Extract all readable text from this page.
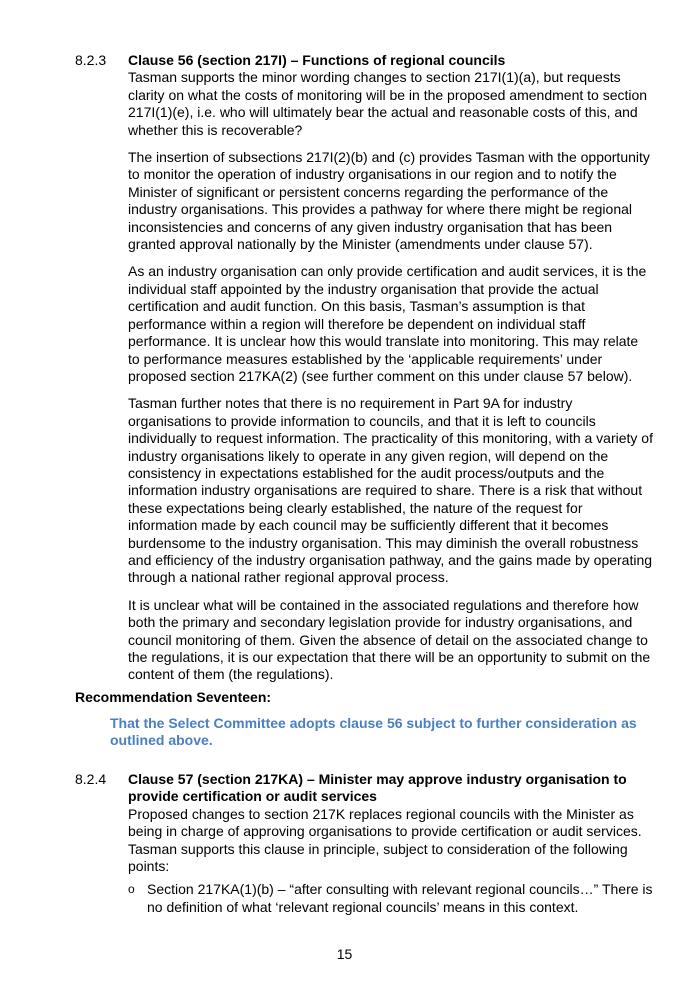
8.2.3	Clause 56 (section 217I) – Functions of regional councils

Tasman supports the minor wording changes to section 217I(1)(a), but requests clarity on what the costs of monitoring will be in the proposed amendment to section 217I(1)(e), i.e. who will ultimately bear the actual and reasonable costs of this, and whether this is recoverable?

The insertion of subsections 217I(2)(b) and (c) provides Tasman with the opportunity to monitor the operation of industry organisations in our region and to notify the Minister of significant or persistent concerns regarding the performance of the industry organisations. This provides a pathway for where there might be regional inconsistencies and concerns of any given industry organisation that has been granted approval nationally by the Minister (amendments under clause 57).

As an industry organisation can only provide certification and audit services, it is the individual staff appointed by the industry organisation that provide the actual certification and audit function. On this basis, Tasman’s assumption is that performance within a region will therefore be dependent on individual staff performance. It is unclear how this would translate into monitoring. This may relate to performance measures established by the ‘applicable requirements’ under proposed section 217KA(2) (see further comment on this under clause 57 below).

Tasman further notes that there is no requirement in Part 9A for industry organisations to provide information to councils, and that it is left to councils individually to request information. The practicality of this monitoring, with a variety of industry organisations likely to operate in any given region, will depend on the consistency in expectations established for the audit process/outputs and the information industry organisations are required to share. There is a risk that without these expectations being clearly established, the nature of the request for information made by each council may be sufficiently different that it becomes burdensome to the industry organisation. This may diminish the overall robustness and efficiency of the industry organisation pathway, and the gains made by operating through a national rather regional approval process.

It is unclear what will be contained in the associated regulations and therefore how both the primary and secondary legislation provide for industry organisations, and council monitoring of them. Given the absence of detail on the associated change to the regulations, it is our expectation that there will be an opportunity to submit on the content of them (the regulations).

Recommendation Seventeen:
That the Select Committee adopts clause 56 subject to further consideration as outlined above.
8.2.4	Clause 57 (section 217KA) – Minister may approve industry organisation to provide certification or audit services

Proposed changes to section 217K replaces regional councils with the Minister as being in charge of approving organisations to provide certification or audit services. Tasman supports this clause in principle, subject to consideration of the following points:

o Section 217KA(1)(b) – “after consulting with relevant regional councils…” There is no definition of what ‘relevant regional councils’ means in this context.
15
